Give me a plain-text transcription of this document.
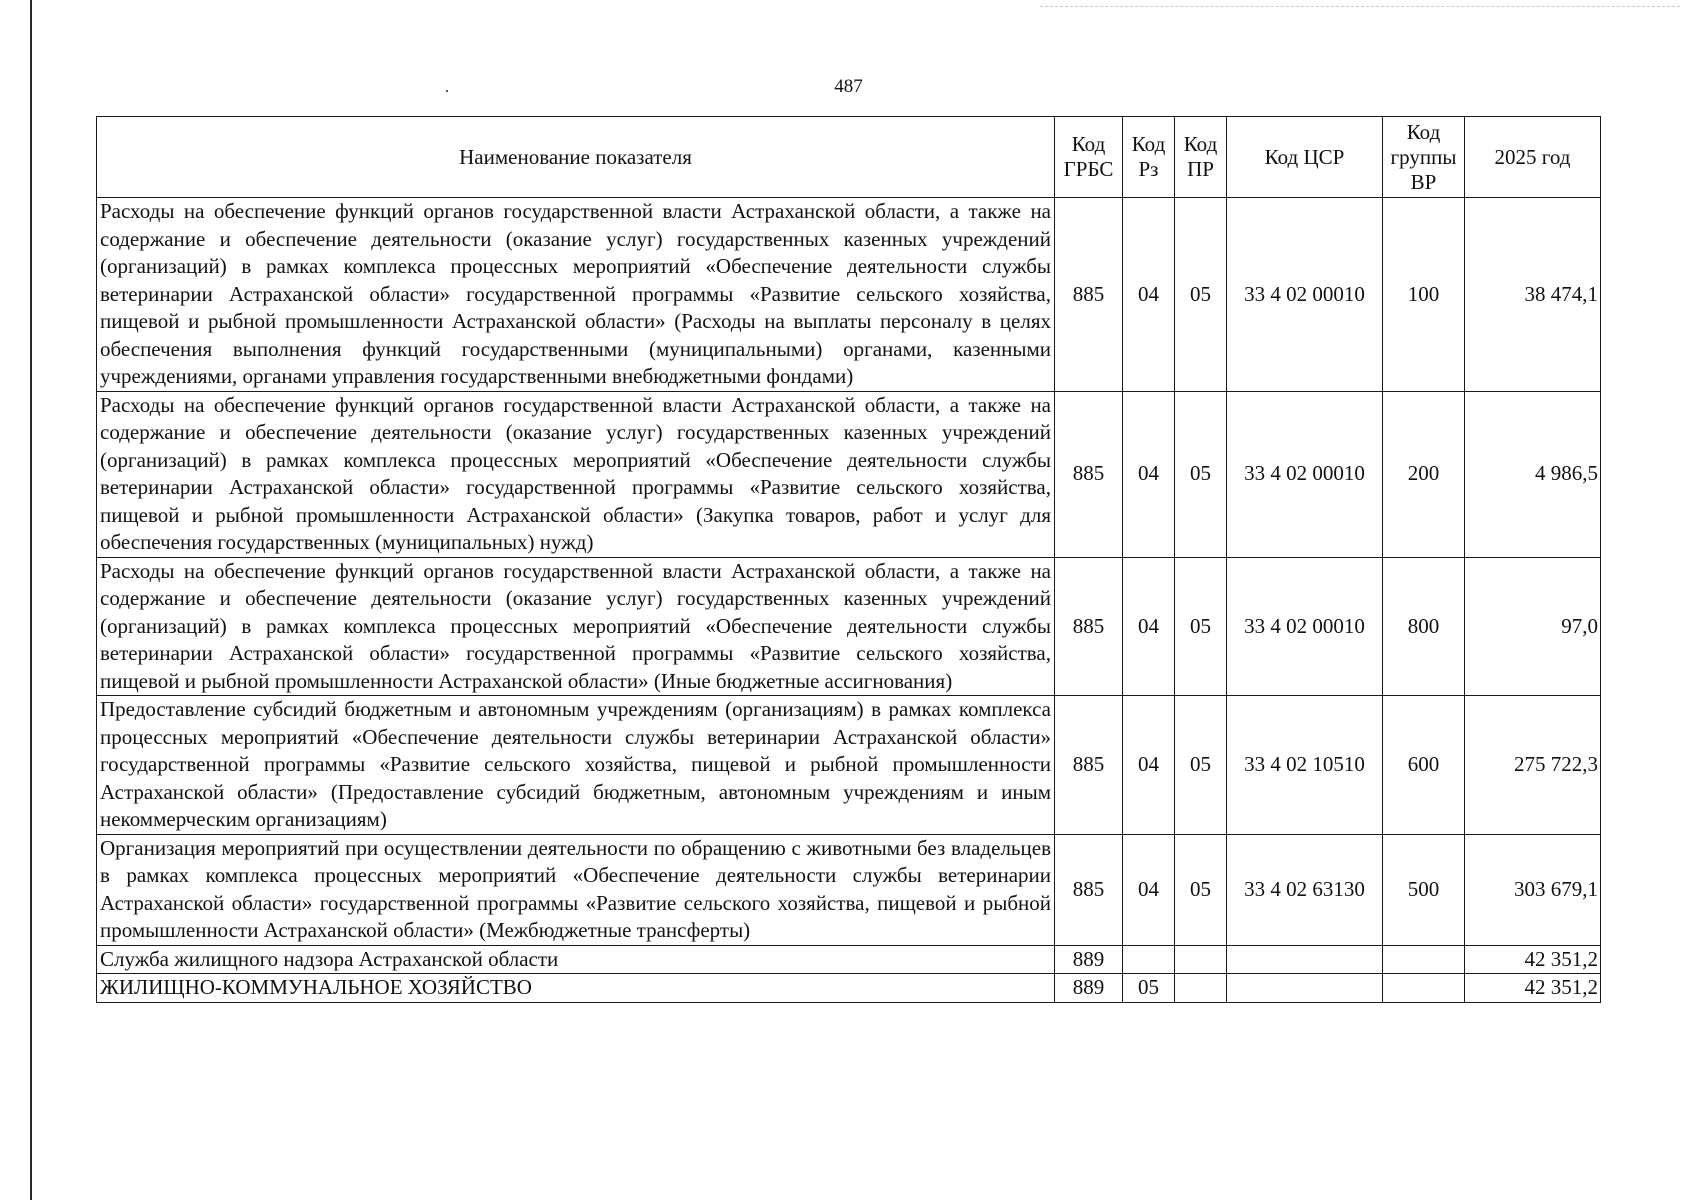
487
Наименование показателя	Код ГРБС	Код Рз	Код ПР	Код ЦСР	Код группы ВР	2025 год
Расходы на обеспечение функций органов государственной власти Астраханской области, а также на содержание и обеспечение деятельности (оказание услуг) государственных казенных учреждений (организаций) в рамках комплекса процессных мероприятий «Обеспечение деятельности службы ветеринарии Астраханской области» государственной программы «Развитие сельского хозяйства, пищевой и рыбной промышленности Астраханской области» (Расходы на выплаты персоналу в целях обеспечения выполнения функций государственными (муниципальными) органами, казенными учреждениями, органами управления государственными внебюджетными фондами)	885	04	05	33 4 02 00010	100	38 474,1
Расходы на обеспечение функций органов государственной власти Астраханской области, а также на содержание и обеспечение деятельности (оказание услуг) государственных казенных учреждений (организаций) в рамках комплекса процессных мероприятий «Обеспечение деятельности службы ветеринарии Астраханской области» государственной программы «Развитие сельского хозяйства, пищевой и рыбной промышленности Астраханской области» (Закупка товаров, работ и услуг для обеспечения государственных (муниципальных) нужд)	885	04	05	33 4 02 00010	200	4 986,5
Расходы на обеспечение функций органов государственной власти Астраханской области, а также на содержание и обеспечение деятельности (оказание услуг) государственных казенных учреждений (организаций) в рамках комплекса процессных мероприятий «Обеспечение деятельности службы ветеринарии Астраханской области» государственной программы «Развитие сельского хозяйства, пищевой и рыбной промышленности Астраханской области» (Иные бюджетные ассигнования)	885	04	05	33 4 02 00010	800	97,0
Предоставление субсидий бюджетным и автономным учреждениям (организациям) в рамках комплекса процессных мероприятий «Обеспечение деятельности службы ветеринарии Астраханской области» государственной программы «Развитие сельского хозяйства, пищевой и рыбной промышленности Астраханской области» (Предоставление субсидий бюджетным, автономным учреждениям и иным некоммерческим организациям)	885	04	05	33 4 02 10510	600	275 722,3
Организация мероприятий при осуществлении деятельности по обращению с животными без владельцев в рамках комплекса процессных мероприятий «Обеспечение деятельности службы ветеринарии Астраханской области» государственной программы «Развитие сельского хозяйства, пищевой и рыбной промышленности Астраханской области» (Межбюджетные трансферты)	885	04	05	33 4 02 63130	500	303 679,1
Служба жилищного надзора Астраханской области	889					42 351,2
ЖИЛИЩНО-КОММУНАЛЬНОЕ ХОЗЯЙСТВО	889	05				42 351,2
